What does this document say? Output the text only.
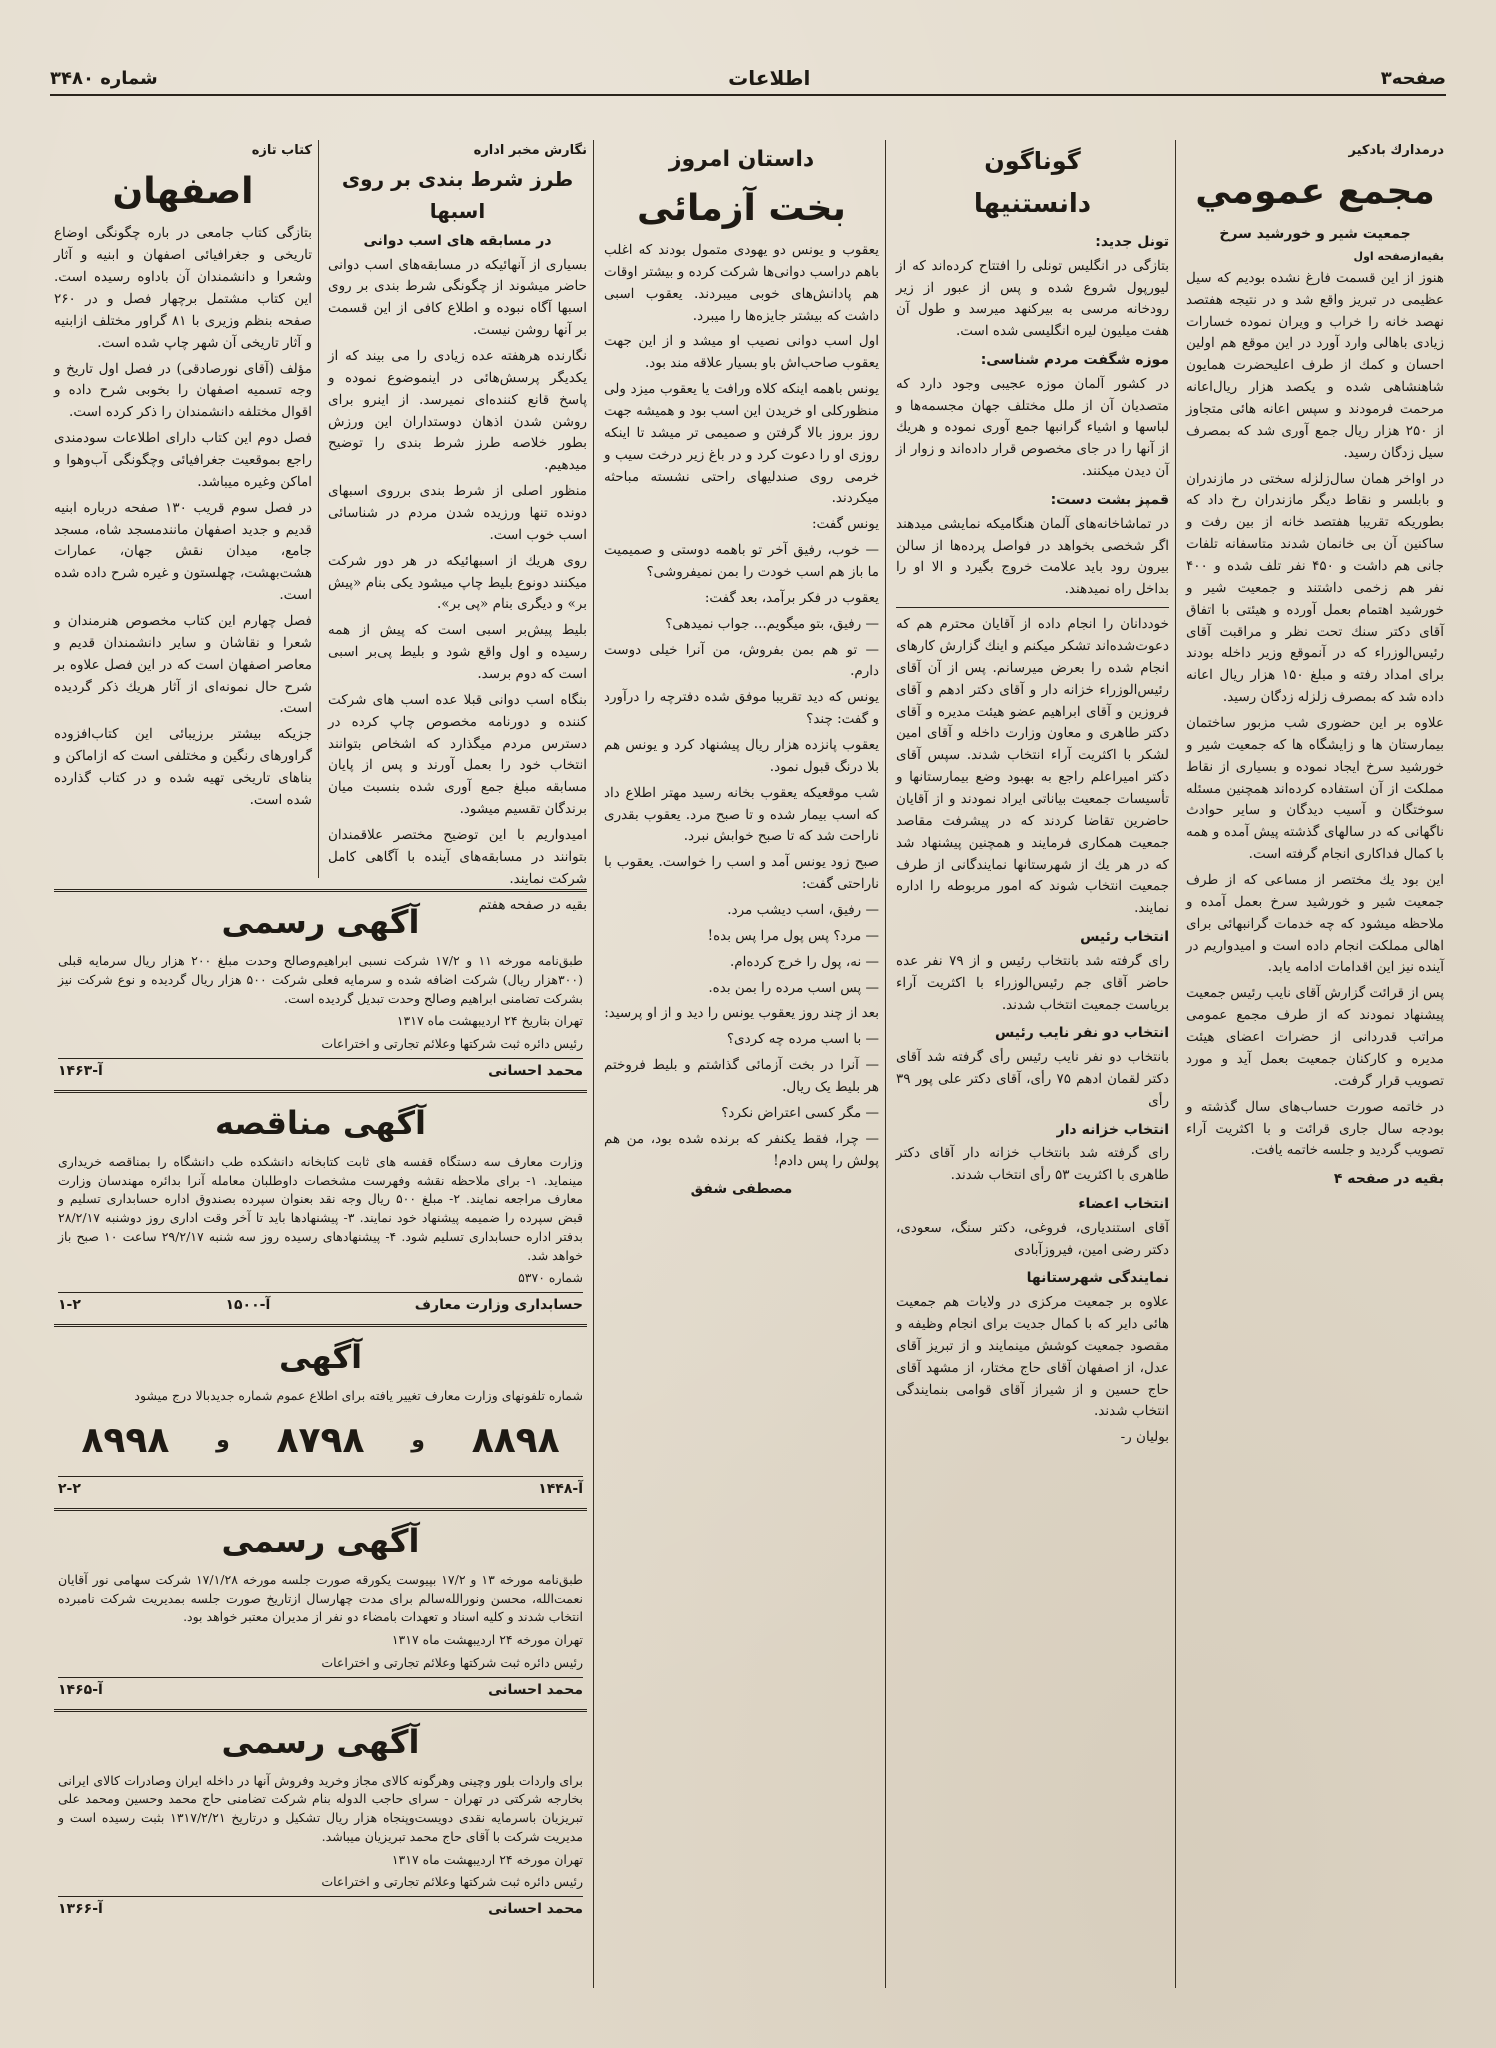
صفحه۳
اطلاعات
شماره ۳۴۸۰
درمدارك بادكير
مجمع عمومي
جمعيت شير و خورشيد سرخ
بقيه‌ازصفحه اول

هنوز از این قسمت فارغ نشده بودیم که سیل عظیمی در تبریز واقع شد و در نتیجه هفتصد نهصد خانه را خراب و ویران نموده خسارات زیادی باهالی وارد آورد در این موقع هم اولین احسان و کمك از طرف اعلیحضرت همایون شاهنشاهی شده و یکصد هزار ریال‌اعانه مرحمت فرمودند و سپس اعانه هائی متجاوز از ۲۵۰ هزار ریال جمع آوری شد که بمصرف سیل زدگان رسید.

در اواخر همان سال‌زلزله سختی در مازندران و بابلسر و نقاط دیگر مازندران رخ داد که بطوریکه تقریبا هفتصد خانه از بین رفت و ساکنین آن بی خانمان شدند متاسفانه تلفات جانی هم داشت و ۴۵۰ نفر تلف شده و ۴۰۰ نفر هم زخمی داشتند و جمعیت شیر و خورشید اهتمام بعمل آورده و هیئتی با اتفاق آقای دکتر سنك تحت نظر و مراقبت آقای رئیس‌الوزراء که در آنموقع وزیر داخله بودند برای امداد رفته و مبلغ ۱۵۰ هزار ریال اعانه داده شد که بمصرف زلزله زدگان رسید.

علاوه بر این حضوری شب مزبور ساختمان بیمارستان ها و زایشگاه ها که جمعیت شیر و خورشید سرخ ایجاد نموده و بسیاری از نقاط مملکت از آن استفاده کرده‌اند همچنین مسئله سوختگان و آسیب دیدگان و سایر حوادث ناگهانی که در سالهای گذشته پیش آمده و همه با کمال فداکاری انجام گرفته است.

این بود یك مختصر از مساعی که از طرف جمعیت شیر و خورشید سرخ بعمل آمده و ملاحظه میشود که چه خدمات گرانبهائی برای اهالی مملکت انجام داده است و امیدواریم در آینده نیز این اقدامات ادامه یابد.

پس از قرائت گزارش آقای نایب رئیس جمعیت پیشنهاد نمودند که از طرف مجمع عمومی مراتب قدردانی از حضرات اعضای هیئت مدیره و کارکنان جمعیت بعمل آید و مورد تصویب قرار گرفت.

در خاتمه صورت حساب‌های سال گذشته و بودجه سال جاری قرائت و با اکثریت آراء تصویب گردید و جلسه خاتمه یافت.

بقیه در صفحه ۴
گوناگون
دانستنیها
تونل جدید:

بتازگی در انگلیس تونلی را افتتاح کرده‌اند که از لیورپول شروع شده و پس از عبور از زیر رودخانه مرسی به بیرکنهد میرسد و طول آن هفت میلیون لیره انگلیسی شده است.

موزه شگفت مردم شناسی:

در کشور آلمان موزه عجیبی وجود دارد که متصدیان آن از ملل مختلف جهان مجسمه‌ها و لباسها و اشیاء گرانبها جمع آوری نموده و هریك از آنها را در جای مخصوص قرار داده‌اند و زوار از آن دیدن میکنند.

قمپز بشت دست:

در تماشاخانه‌های آلمان هنگامیکه نمایشی میدهند اگر شخصی بخواهد در فواصل پرده‌ها از سالن بیرون رود باید علامت خروج بگیرد و الا او را بداخل راه نمیدهند.

خوددانان را انجام داده از آقایان محترم هم که دعوت‌شده‌اند تشکر میکنم و اینك گزارش کارهای انجام شده را بعرض میرسانم. پس از آن آقای رئیس‌الوزراء خزانه دار و آقای دکتر ادهم و آقای فروزین و آقای ابراهیم عضو هیئت مدیره و آقای دکتر طاهری و معاون وزارت داخله و آقای امین لشکر با اکثریت آراء انتخاب شدند. سپس آقای دکتر امیراعلم راجع به بهبود وضع بیمارستانها و تأسیسات جمعیت بیاناتی ایراد نمودند و از آقایان حاضرین تقاضا کردند که در پیشرفت مقاصد جمعیت همکاری فرمایند و همچنین پیشنهاد شد که در هر یك از شهرستانها نمایندگانی از طرف جمعیت انتخاب شوند که امور مربوطه را اداره نمایند.

انتخاب رئیس

رای گرفته شد بانتخاب رئیس و از ۷۹ نفر عده حاضر آقای جم رئیس‌الوزراء با اکثریت آراء بریاست جمعیت انتخاب شدند.

انتخاب دو نفر نایب رئیس

بانتخاب دو نفر نایب رئیس رأی گرفته شد آقای دکتر لقمان ادهم ۷۵ رأی، آقای دکتر علی پور ۳۹ رأی

انتخاب خزانه دار

رای گرفته شد بانتخاب خزانه دار آقای دکتر طاهری با اکثریت ۵۳ رأی انتخاب شدند.

انتخاب اعضاء

آقای استندیاری، فروغی، دکتر سنگ، سعودی، دکتر رضی امین، فیروزآبادی

نمایندگی شهرستانها

علاوه بر جمعیت مرکزی در ولایات هم جمعیت هائی دایر که با کمال جدیت برای انجام وظیفه و مقصود جمعیت کوشش مینمایند و از تبریز آقای عدل، از اصفهان آقای حاج مختار، از مشهد آقای حاج حسین و از شیراز آقای قوامی بنمایندگی انتخاب شدند.

بولیان ر-
داستان امروز
بخت آزمائی

یعقوب و یونس دو یهودی متمول بودند که اغلب باهم دراسب دوانی‌ها شرکت کرده و بیشتر اوقات هم پادانش‌های خوبی میبردند. یعقوب اسبی داشت که بیشتر جایزه‌ها را میبرد.

اول اسب دوانی نصیب او میشد و از این جهت یعقوب صاحب‌اش باو بسیار علاقه مند بود.

یونس باهمه اینکه کلاه ورافت یا یعقوب میزد ولی منظورکلی او خریدن این اسب بود و همیشه جهت روز بروز بالا گرفتن و صمیمی تر میشد تا اینکه روزی او را دعوت کرد و در باغ زیر درخت سیب و خرمی روی صندلیهای راحتی نشسته مباحثه میکردند.

یونس گفت:

— خوب، رفیق آخر تو باهمه دوستی و صمیمیت ما باز هم اسب خودت را بمن نمیفروشی؟

یعقوب در فکر برآمد، بعد گفت:

— رفیق، بتو میگویم... جواب نمیدهی؟

— تو هم بمن بفروش، من آنرا خیلی دوست دارم.

یونس که دید تقریبا موفق شده دفترچه را درآورد و گفت: چند؟

یعقوب پانزده هزار ریال پیشنهاد کرد و یونس هم بلا درنگ قبول نمود.

شب موقعیکه یعقوب بخانه رسید مهتر اطلاع داد که اسب بیمار شده و تا صبح مرد. یعقوب بقدری ناراحت شد که تا صبح خوابش نبرد.

صبح زود یونس آمد و اسب را خواست. یعقوب با ناراحتی گفت:

— رفیق، اسب دیشب مرد.

— مرد؟ پس پول مرا پس بده!

— نه، پول را خرج کرده‌ام.

— پس اسب مرده را بمن بده.

بعد از چند روز یعقوب یونس را دید و از او پرسید:

— با اسب مرده چه کردی؟

— آنرا در بخت آزمائی گذاشتم و بلیط فروختم هر بلیط یک ریال.

— مگر کسی اعتراض نکرد؟

— چرا، فقط یکنفر که برنده شده بود، من هم پولش را پس دادم!

مصطفی شفق
نگارش مخبر اداره
طرز شرط بندی بر روی اسبها
در مسابقه های اسب دوانی

بسیاری از آنهائیکه در مسابقه‌های اسب دوانی حاضر میشوند از چگونگی شرط بندی بر روی اسبها آگاه نبوده و اطلاع کافی از این قسمت بر آنها روشن نیست.

نگارنده هرهفته عده زیادی را می بیند که از یکدیگر پرسش‌هائی در اینموضوع نموده و پاسخ قانع کننده‌ای نمیرسد. از اینرو برای روشن شدن اذهان دوستداران این ورزش بطور خلاصه طرز شرط بندی را توضیح میدهیم.

منظور اصلی از شرط بندی برروی اسبهای دونده تنها ورزیده شدن مردم در شناسائی اسب خوب است.

روی هریك از اسبهائیکه در هر دور شرکت میکنند دونوع بلیط چاپ میشود یکی بنام «پیش بر» و دیگری بنام «پی بر».

بلیط پیش‌بر اسبی است که پیش از همه رسیده و اول واقع شود و بلیط پی‌بر اسبی است که دوم برسد.

بنگاه اسب دوانی قبلا عده اسب های شرکت کننده و دورنامه مخصوص چاپ کرده در دسترس مردم میگذارد که اشخاص بتوانند انتخاب خود را بعمل آورند و پس از پایان مسابقه مبلغ جمع آوری شده بنسبت میان برندگان تقسیم میشود.

امیدواریم با این توضیح مختصر علاقمندان بتوانند در مسابقه‌های آینده با آگاهی کامل شرکت نمایند.

بقیه در صفحه هفتم
کتاب تازه
اصفهان

بتازگی کتاب جامعی در باره چگونگی اوضاع تاریخی و جغرافیائی اصفهان و ابنیه و آثار وشعرا و دانشمندان آن باداوه رسیده است. این کتاب مشتمل برچهار فصل و در ۲۶۰ صفحه بنظم وزیری با ۸۱ گراور مختلف ازابنیه و آثار تاریخی آن شهر چاپ شده است.

مؤلف (آقای نورصادقی) در فصل اول تاریخ و وجه تسمیه اصفهان را بخوبی شرح داده و اقوال مختلفه دانشمندان را ذکر کرده است.

فصل دوم این کتاب دارای اطلاعات سودمندی راجع بموقعیت جغرافیائی وچگونگی آب‌وهوا و اماکن وغیره میباشد.

در فصل سوم قریب ۱۳۰ صفحه درباره ابنیه قدیم و جدید اصفهان مانندمسجد شاه، مسجد جامع، میدان نقش جهان، عمارات هشت‌بهشت، چهلستون و غیره شرح داده شده است.

فصل چهارم این کتاب مخصوص هنرمندان و شعرا و نقاشان و سایر دانشمندان قدیم و معاصر اصفهان است که در این فصل علاوه بر شرح حال نمونه‌ای از آثار هریك ذکر گردیده است.

جزیکه بیشتر برزیبائی این کتاب‌افزوده گراورهای رنگین و مختلفی است که ازاماکن و بناهای تاریخی تهیه شده و در کتاب گذارده شده است.

آگهی رسمی

طبق‌نامه مورخه ۱۱ و ۱۷/۲ شرکت نسبی ابراهیم‌وصالح وحدت مبلغ ۲۰۰ هزار ریال سرمایه قبلی (۳۰۰هزار ریال) شرکت اضافه شده‌ و سرمایه فعلی شرکت ۵۰۰ هزار ریال گردیده و نوع شرکت نیز بشرکت تضامنی ابراهیم وصالح وحدت تبدیل گردیده است.

تهران بتاریخ ۲۴ اردیبهشت ماه ۱۳۱۷

رئیس دائره ثبت شرکتها وعلائم تجارتی و اختراعات

محمد احسانی
آ-۱۴۶۳
آگهی مناقصه

وزارت معارف سه دستگاه قفسه های ثابت کتابخانه دانشکده طب دانشگاه را بمناقصه خریداری مینماید. ۱- برای ملاحظه نقشه وفهرست مشخصات داوطلبان معامله آنرا بدائره مهندسان وزارت معارف مراجعه نمایند. ۲- مبلغ ۵۰۰ ریال وجه نقد بعنوان سپرده بصندوق اداره حسابداری تسلیم و قبض سپرده را ضمیمه پیشنهاد خود نمایند. ۳- پیشنهادها باید تا آخر وقت اداری روز دوشنبه ۲۸/۲/۱۷ بدفتر اداره حسابداری تسلیم شود. ۴- پیشنهادهای رسیده روز سه شنبه ۲۹/۲/۱۷ ساعت ۱۰ صبح باز خواهد شد.

شماره ۵۳۷۰

حسابداری وزارت معارف
آ-۱۵۰۰
۱-۲
آگهی

شماره تلفونهای وزارت معارف تغییر یافته برای اطلاع عموم شماره جدیدبالا درج میشود

۸۸۹۸
و
۸۷۹۸
و
۸۹۹۸
آ-۱۴۴۸
۲-۲
آگهی رسمی

طبق‌نامه مورخه ۱۳ و ۱۷/۲ بپیوست یکورقه صورت جلسه مورخه ۱۷/۱/۲۸ شرکت سهامی نور آقایان نعمت‌الله، محسن ونورالله‌سالم برای مدت چهارسال ازتاریخ صورت جلسه بمدیریت شرکت نامبرده انتخاب شدند و کلیه اسناد و تعهدات بامضاء دو نفر از مدیران معتبر خواهد بود.

تهران مورخه ۲۴ اردیبهشت ماه ۱۳۱۷

رئیس دائره ثبت شرکتها وعلائم تجارتی و اختراعات

محمد احسانی
آ-۱۴۶۵
آگهی رسمی

برای واردات بلور وچینی وهرگونه کالای مجاز وخرید وفروش آنها در داخله ایران وصادرات کالای ایرانی بخارجه شرکتی در تهران - سرای حاجب الدوله بنام شرکت تضامنی حاج محمد وحسین ومحمد علی تبریزیان باسرمایه نقدی دویست‌وپنجاه هزار ریال تشکیل و درتاریخ ۱۳۱۷/۲/۲۱ بثبت رسیده است و مدیریت شرکت با آقای حاج محمد تبریزیان میباشد.

تهران مورخه ۲۴ اردیبهشت ماه ۱۳۱۷

رئیس دائره ثبت شرکتها وعلائم تجارتی و اختراعات

محمد احسانی
آ-۱۳۶۶
